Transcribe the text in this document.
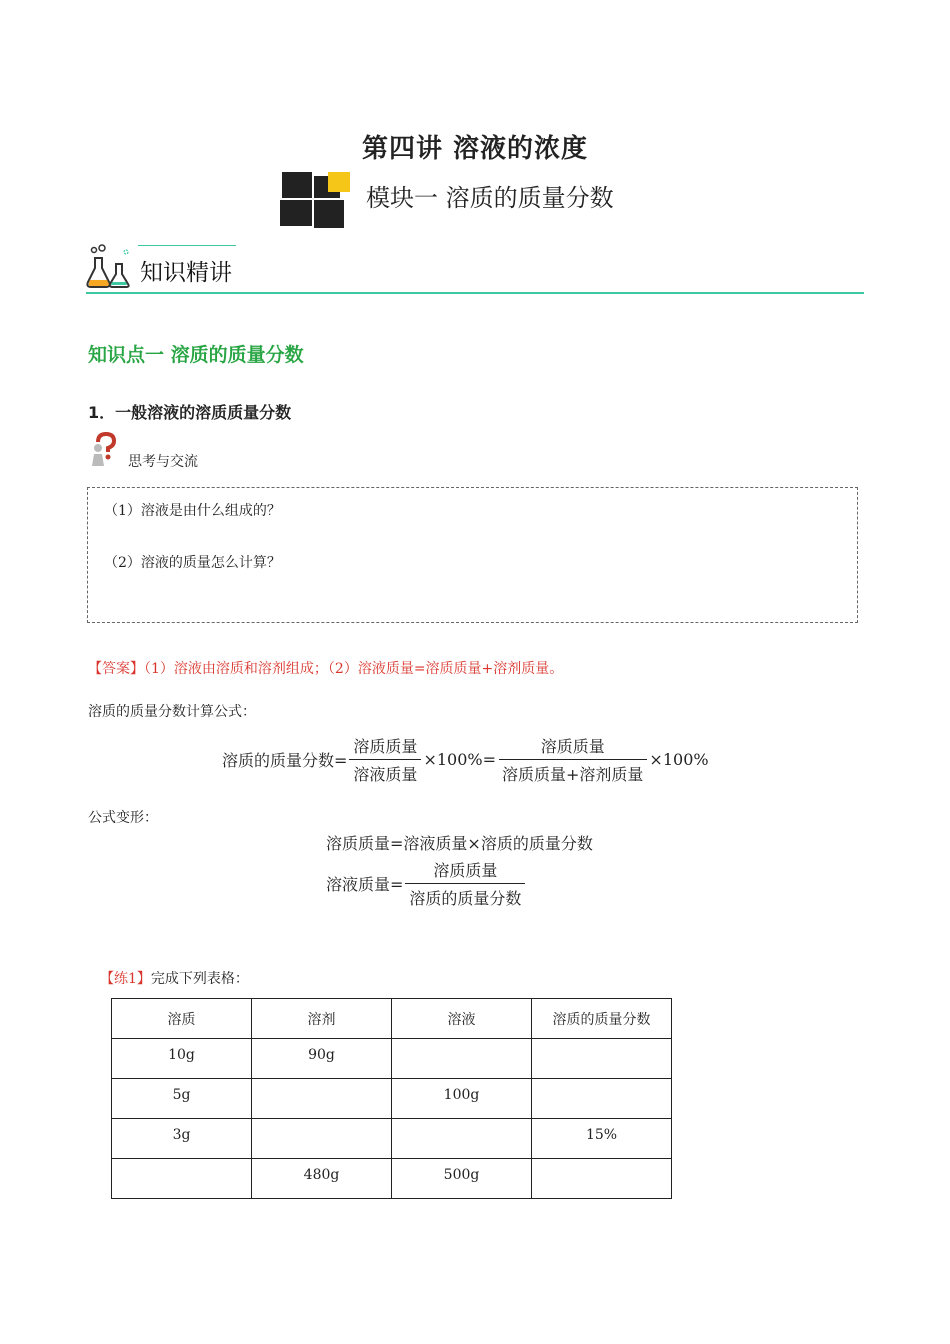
第四讲 溶液的浓度
模块一 溶质的质量分数
知识精讲
知识点一 溶质的质量分数
1．一般溶液的溶质质量分数
思考与交流
（1）溶液是由什么组成的？
（2）溶液的质量怎么计算？
【答案】（1）溶液由溶质和溶剂组成；（2）溶液质量=溶质质量+溶剂质量。
溶质的质量分数计算公式：
溶质的质量分数= $\frac{\text{溶质质量}}{\text{溶液质量}} \times 100\%= \frac{\text{溶质质量}}{\text{溶质质量+溶剂质量}} \times 100\%$
公式变形：
溶质质量=溶液质量×溶质的质量分数
溶液质量= $\frac{\text{溶质质量}}{\text{溶质的质量分数}}$
【练1】完成下列表格：
溶质	溶剂	溶液	溶质的质量分数
10g	90g		
5g		100g	
3g			15%
	480g	500g	
